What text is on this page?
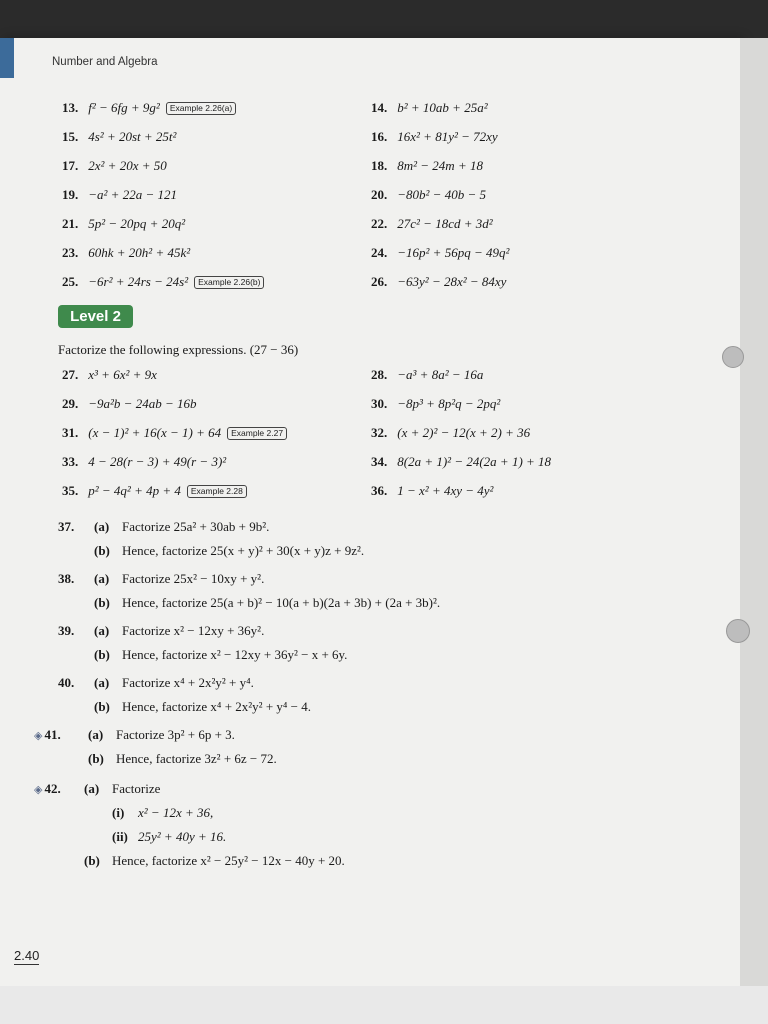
Number and Algebra
13. f² − 6fg + 9g² Example 2.26(a)	14. b² + 10ab + 25a²
15. 4s² + 20st + 25t²	16. 16x² + 81y² − 72xy
17. 2x² + 20x + 50	18. 8m² − 24m + 18
19. −a² + 22a − 121	20. −80b² − 40b − 5
21. 5p² − 20pq + 20q²	22. 27c² − 18cd + 3d²
23. 60hk + 20h² + 45k²	24. −16p² + 56pq − 49q²
25. −6r² + 24rs − 24s² Example 2.26(b)	26. −63y² − 28x² − 84xy
Level 2
Factorize the following expressions. (27 − 36)
27. x³ + 6x² + 9x	28. −a³ + 8a² − 16a
29. −9a²b − 24ab − 16b	30. −8p³ + 8p²q − 2pq²
31. (x − 1)² + 16(x − 1) + 64 Example 2.27	32. (x + 2)² − 12(x + 2) + 36
33. 4 − 28(r − 3) + 49(r − 3)²	34. 8(2a + 1)² − 24(2a + 1) + 18
35. p² − 4q² + 4p + 4 Example 2.28	36. 1 − x² + 4xy − 4y²
37.	(a) Factorize 25a² + 30ab + 9b².
(b) Hence, factorize 25(x + y)² + 30(x + y)z + 9z².
38.	(a) Factorize 25x² − 10xy + y².
(b) Hence, factorize 25(a + b)² − 10(a + b)(2a + 3b) + (2a + 3b)².
39.	(a) Factorize x² − 12xy + 36y².
(b) Hence, factorize x² − 12xy + 36y² − x + 6y.
40.	(a) Factorize x⁴ + 2x²y² + y⁴.
(b) Hence, factorize x⁴ + 2x²y² + y⁴ − 4.
◈ 41.	(a) Factorize 3p² + 6p + 3.
(b) Hence, factorize 3z² + 6z − 72.
◈ 42.	(a) Factorize
(i) x² − 12x + 36,
(ii) 25y² + 40y + 16.
(b) Hence, factorize x² − 25y² − 12x − 40y + 20.
2.40
